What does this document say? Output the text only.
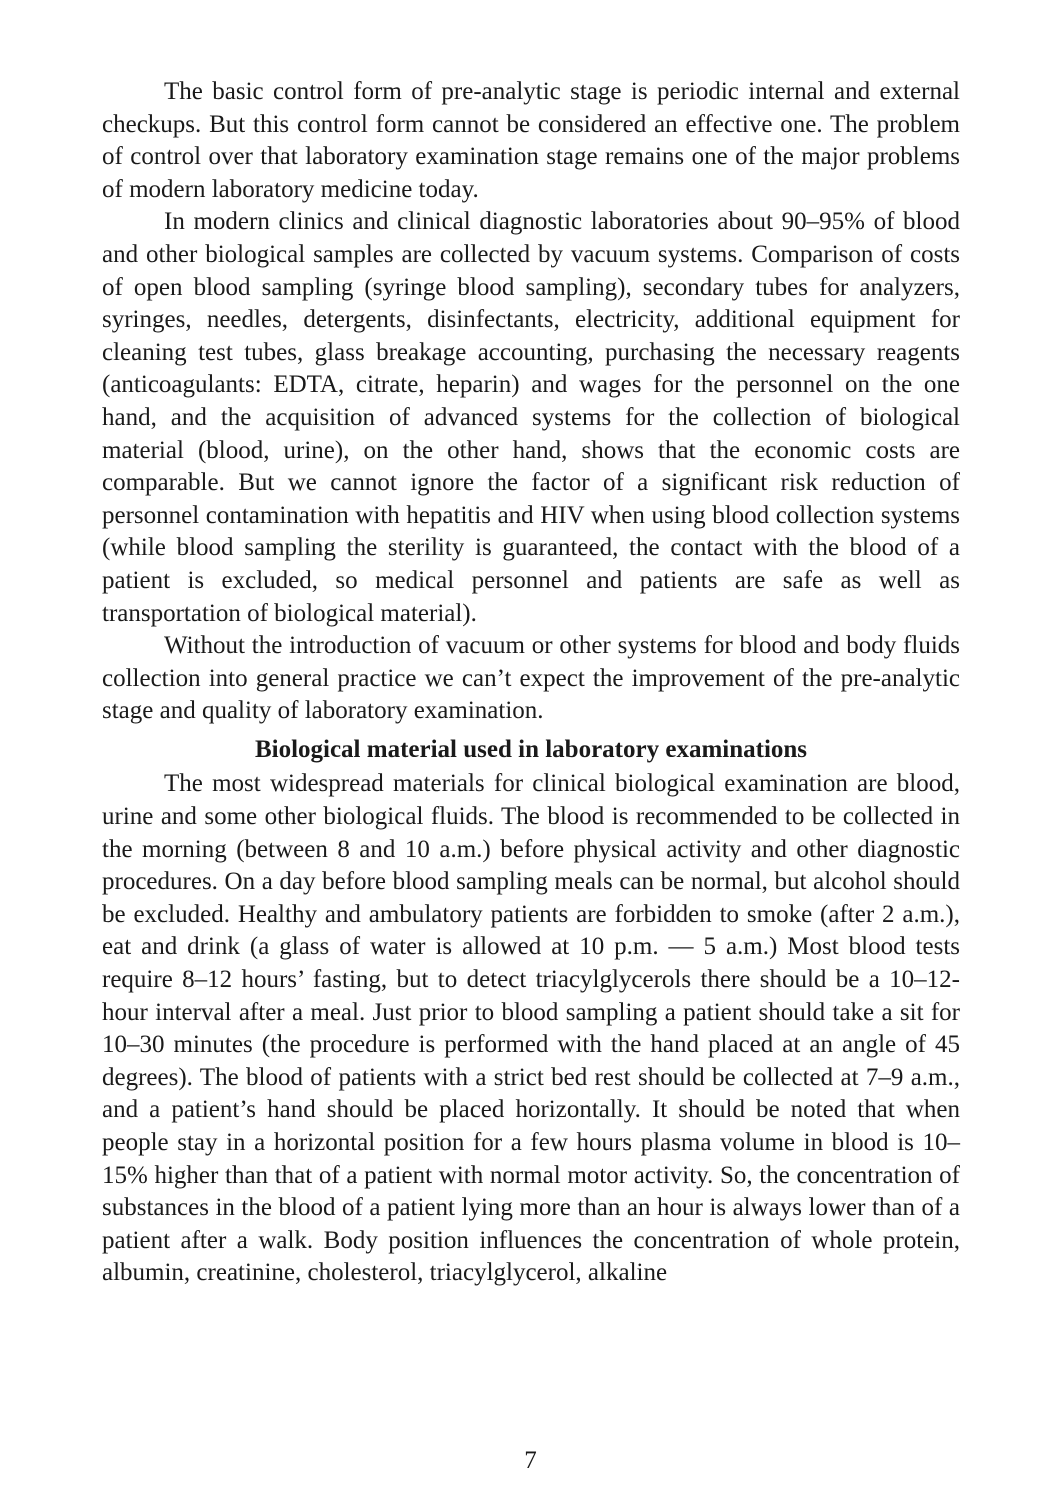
The basic control form of pre-analytic stage is periodic internal and external checkups. But this control form cannot be considered an effective one. The problem of control over that laboratory examination stage remains one of the major problems of modern laboratory medicine today.

In modern clinics and clinical diagnostic laboratories about 90–95% of blood and other biological samples are collected by vacuum systems. Comparison of costs of open blood sampling (syringe blood sampling), secondary tubes for analyzers, syringes, needles, detergents, disinfectants, electricity, additional equipment for cleaning test tubes, glass breakage accounting, purchasing the necessary reagents (anticoagulants: EDTA, citrate, heparin) and wages for the personnel on the one hand, and the acquisition of advanced systems for the collection of biological material (blood, urine), on the other hand, shows that the economic costs are comparable. But we cannot ignore the factor of a significant risk reduction of personnel contamination with hepatitis and HIV when using blood collection systems (while blood sampling the sterility is guaranteed, the contact with the blood of a patient is excluded, so medical personnel and patients are safe as well as transportation of biological material).

Without the introduction of vacuum or other systems for blood and body fluids collection into general practice we can’t expect the improvement of the pre-analytic stage and quality of laboratory examination.

Biological material used in laboratory examinations

The most widespread materials for clinical biological examination are blood, urine and some other biological fluids. The blood is recommended to be collected in the morning (between 8 and 10 a.m.) before physical activity and other diagnostic procedures. On a day before blood sampling meals can be normal, but alcohol should be excluded. Healthy and ambulatory patients are forbidden to smoke (after 2 a.m.), eat and drink (a glass of water is allowed at 10 p.m. — 5 a.m.) Most blood tests require 8–12 hours’ fasting, but to detect triacylglycerols there should be a 10–12-hour interval after a meal. Just prior to blood sampling a patient should take a sit for 10–30 minutes (the procedure is performed with the hand placed at an angle of 45 degrees). The blood of patients with a strict bed rest should be collected at 7–9 a.m., and a patient’s hand should be placed horizontally. It should be noted that when people stay in a horizontal position for a few hours plasma volume in blood is 10–15% higher than that of a patient with normal motor activity. So, the concentration of substances in the blood of a patient lying more than an hour is always lower than of a patient after a walk. Body position influences the concentration of whole protein, albumin, creatinine, cholesterol, triacylglycerol, alkaline

7
